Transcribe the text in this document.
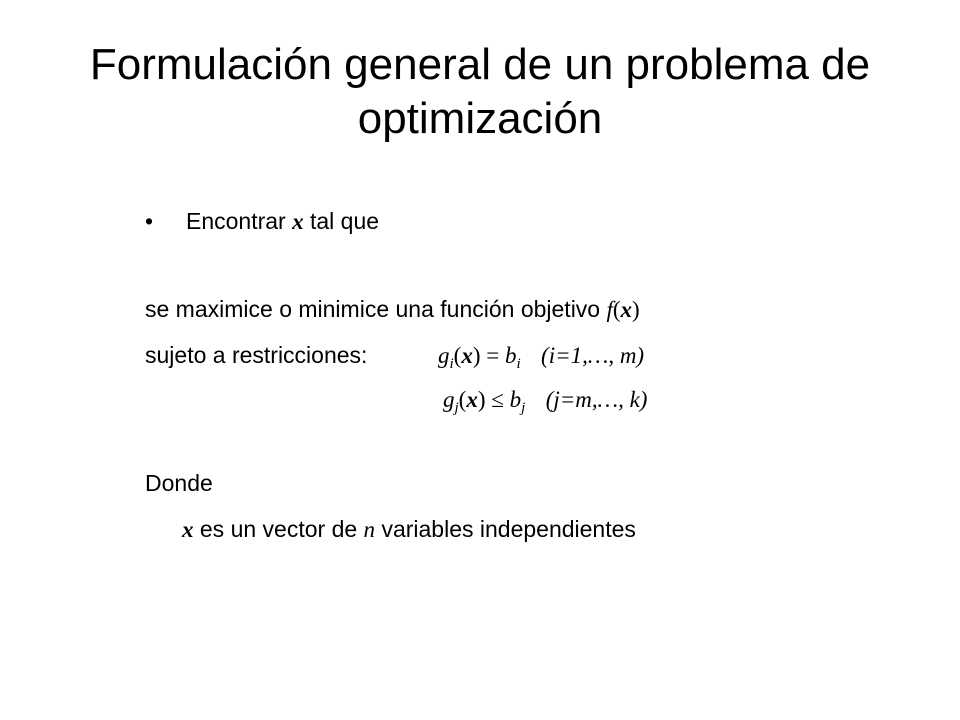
Formulación general de un problema de optimización
• Encontrar x tal que
se maximice o minimice una función objetivo f(x)
sujeto a restricciones:	$g_i(x) = b_i$ (i=1,…, m)
$g_j(x) \le b_j$ (j=m,…, k)
Donde
x es un vector de n variables independientes
